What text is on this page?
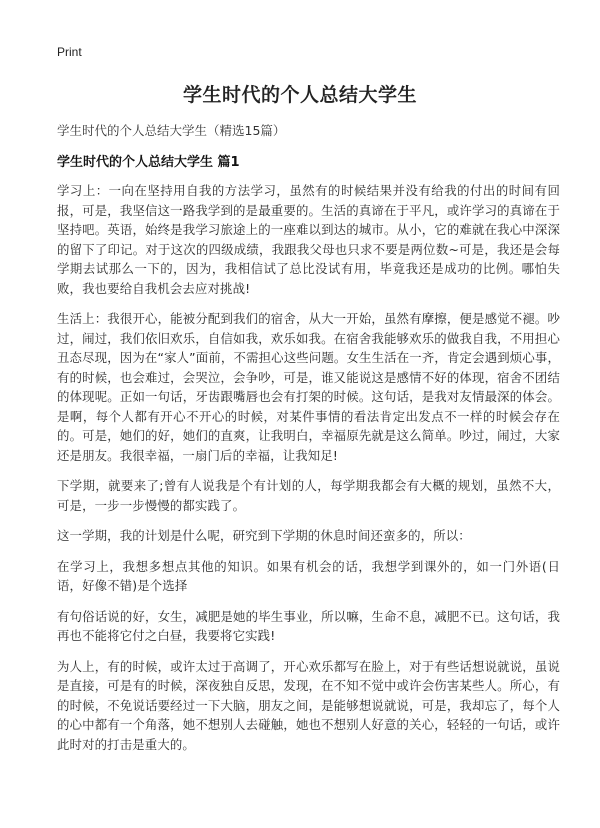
Print
学生时代的个人总结大学生
学生时代的个人总结大学生（精选15篇）
学生时代的个人总结大学生 篇1

学习上：一向在坚持用自我的方法学习，虽然有的时候结果并没有给我的付出的时间有回报，可是，我坚信这一路我学到的是最重要的。生活的真谛在于平凡，或许学习的真谛在于坚持吧。英语，始终是我学习旅途上的一座难以到达的城市。从小，它的难就在我心中深深的留下了印记。对于这次的四级成绩，我跟我父母也只求不要是两位数~可是，我还是会每学期去试那么一下的，因为，我相信试了总比没试有用，毕竟我还是成功的比例。哪怕失败，我也要给自我机会去应对挑战!

生活上：我很开心，能被分配到我们的宿舍，从大一开始，虽然有摩擦，便是感觉不褪。吵过，闹过，我们依旧欢乐，自信如我，欢乐如我。在宿舍我能够欢乐的做我自我，不用担心丑态尽现，因为在“家人”面前，不需担心这些问题。女生生活在一齐，肯定会遇到烦心事，有的时候，也会难过，会哭泣，会争吵，可是，谁又能说这是感情不好的体现，宿舍不团结的体现呢。正如一句话，牙齿跟嘴唇也会有打架的时候。这句话，是我对友情最深的体会。是啊，每个人都有开心不开心的时候，对某件事情的看法肯定出发点不一样的时候会存在的。可是，她们的好，她们的直爽，让我明白，幸福原先就是这么简单。吵过，闹过，大家还是朋友。我很幸福，一扇门后的幸福，让我知足!

下学期，就要来了;曾有人说我是个有计划的人，每学期我都会有大概的规划，虽然不大，可是，一步一步慢慢的都实践了。

这一学期，我的计划是什么呢，研究到下学期的休息时间还蛮多的，所以：

在学习上，我想多想点其他的知识。如果有机会的话，我想学到课外的，如一门外语(日语，好像不错)是个选择

有句俗话说的好，女生，减肥是她的毕生事业，所以嘛，生命不息，减肥不已。这句话，我再也不能将它付之白昼，我要将它实践!

为人上，有的时候，或许太过于高调了，开心欢乐都写在脸上，对于有些话想说就说，虽说是直接，可是有的时候，深夜独自反思，发现，在不知不觉中或许会伤害某些人。所心，有的时候，不免说话要经过一下大脑，朋友之间，是能够想说就说，可是，我却忘了，每个人的心中都有一个角落，她不想别人去碰触，她也不想别人好意的关心，轻轻的一句话，或许此时对的打击是重大的。
